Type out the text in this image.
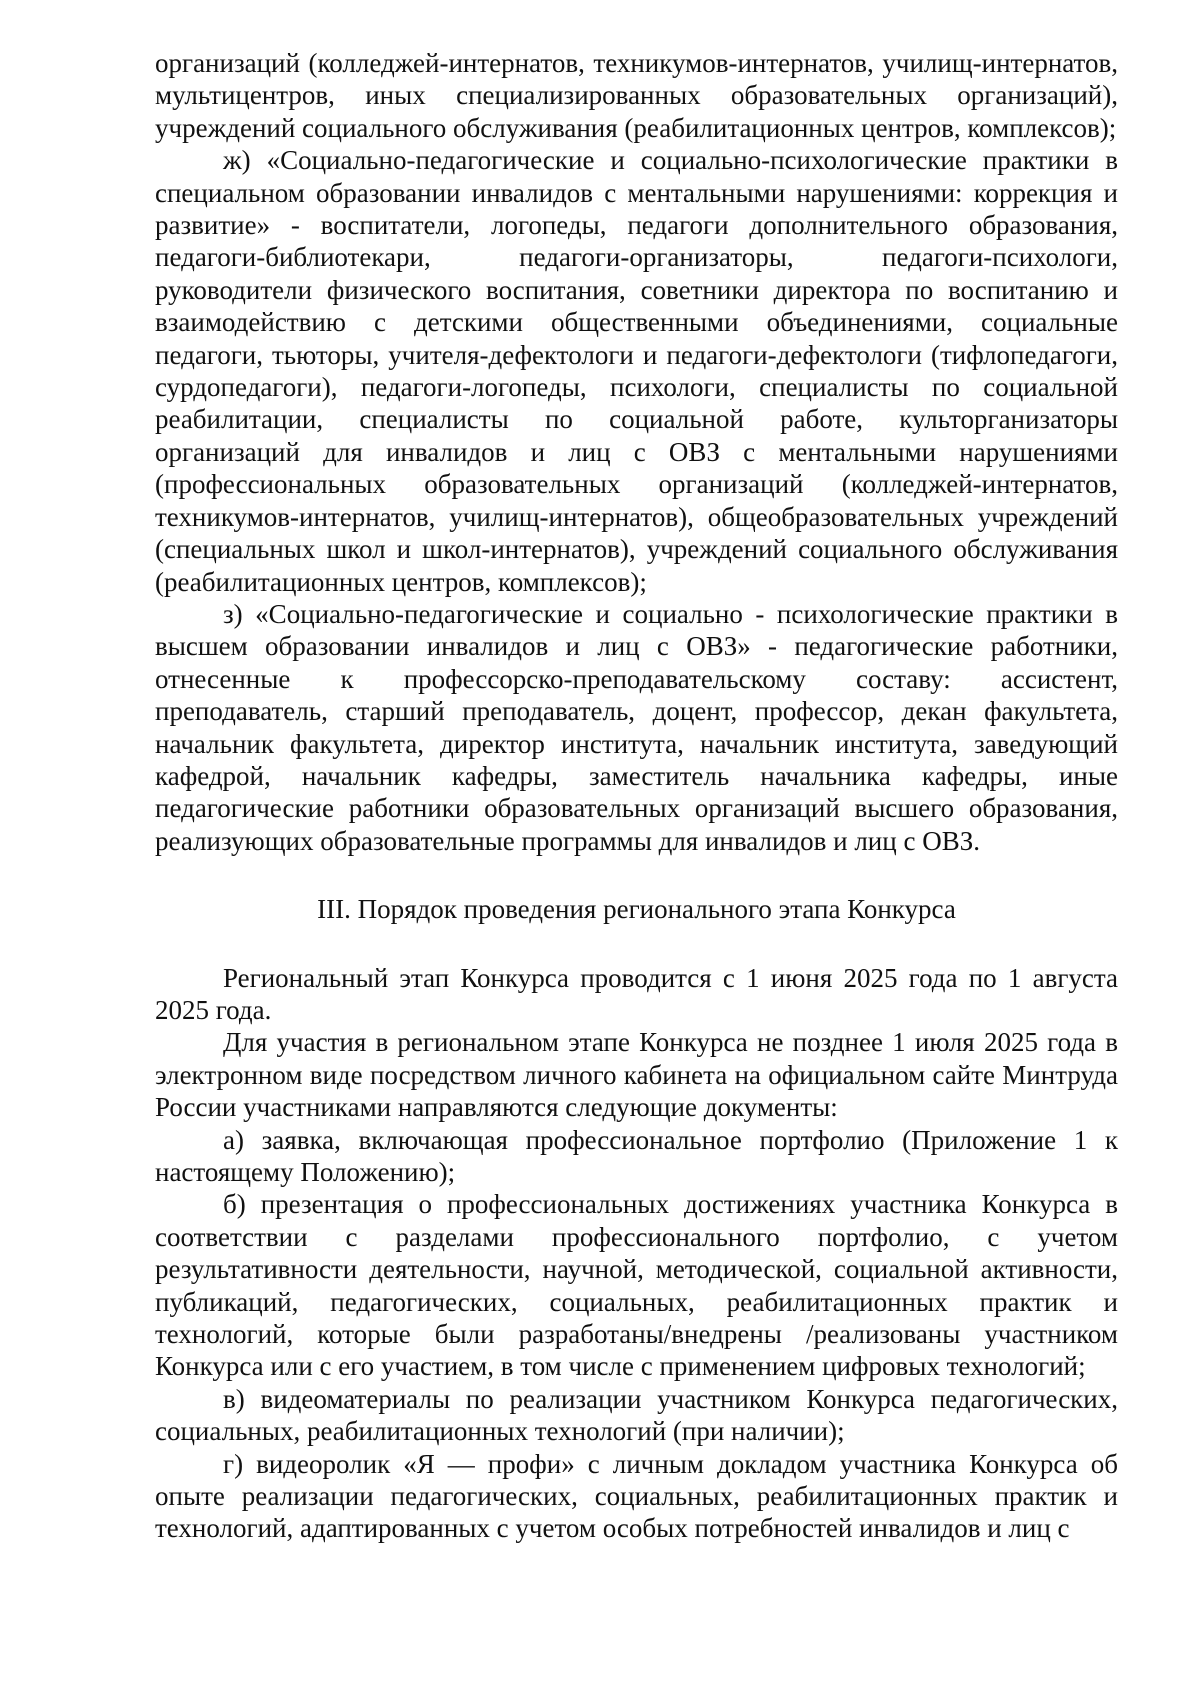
организаций (колледжей-интернатов, техникумов-интернатов, училищ-интернатов, мультицентров, иных специализированных образовательных организаций), учреждений социального обслуживания (реабилитационных центров, комплексов);

ж) «Социально-педагогические и социально-психологические практики в специальном образовании инвалидов с ментальными нарушениями: коррекция и развитие» - воспитатели, логопеды, педагоги дополнительного образования, педагоги-библиотекари, педагоги-организаторы, педагоги-психологи, руководители физического воспитания, советники директора по воспитанию и взаимодействию с детскими общественными объединениями, социальные педагоги, тьюторы, учителя-дефектологи и педагоги-дефектологи (тифлопедагоги, сурдопедагоги), педагоги-логопеды, психологи, специалисты по социальной реабилитации, специалисты по социальной работе, культорганизаторы организаций для инвалидов и лиц с ОВЗ с ментальными нарушениями (профессиональных образовательных организаций (колледжей-интернатов, техникумов-интернатов, училищ-интернатов), общеобразовательных учреждений (специальных школ и школ-интернатов), учреждений социального обслуживания (реабилитационных центров, комплексов);

з) «Социально-педагогические и социально - психологические практики в высшем образовании инвалидов и лиц с ОВЗ» - педагогические работники, отнесенные к профессорско-преподавательскому составу: ассистент, преподаватель, старший преподаватель, доцент, профессор, декан факультета, начальник факультета, директор института, начальник института, заведующий кафедрой, начальник кафедры, заместитель начальника кафедры, иные педагогические работники образовательных организаций высшего образования, реализующих образовательные программы для инвалидов и лиц с ОВЗ.

III. Порядок проведения регионального этапа Конкурса

Региональный этап Конкурса проводится с 1 июня 2025 года по 1 августа 2025 года.

Для участия в региональном этапе Конкурса не позднее 1 июля 2025 года в электронном виде посредством личного кабинета на официальном сайте Минтруда России участниками направляются следующие документы:

а) заявка, включающая профессиональное портфолио (Приложение 1 к настоящему Положению);

б) презентация о профессиональных достижениях участника Конкурса в соответствии с разделами профессионального портфолио, с учетом результативности деятельности, научной, методической, социальной активности, публикаций, педагогических, социальных, реабилитационных практик и технологий, которые были разработаны/внедрены /реализованы участником Конкурса или с его участием, в том числе с применением цифровых технологий;

в) видеоматериалы по реализации участником Конкурса педагогических, социальных, реабилитационных технологий (при наличии);

г) видеоролик «Я — профи» с личным докладом участника Конкурса об опыте реализации педагогических, социальных, реабилитационных практик и технологий, адаптированных с учетом особых потребностей инвалидов и лиц с
